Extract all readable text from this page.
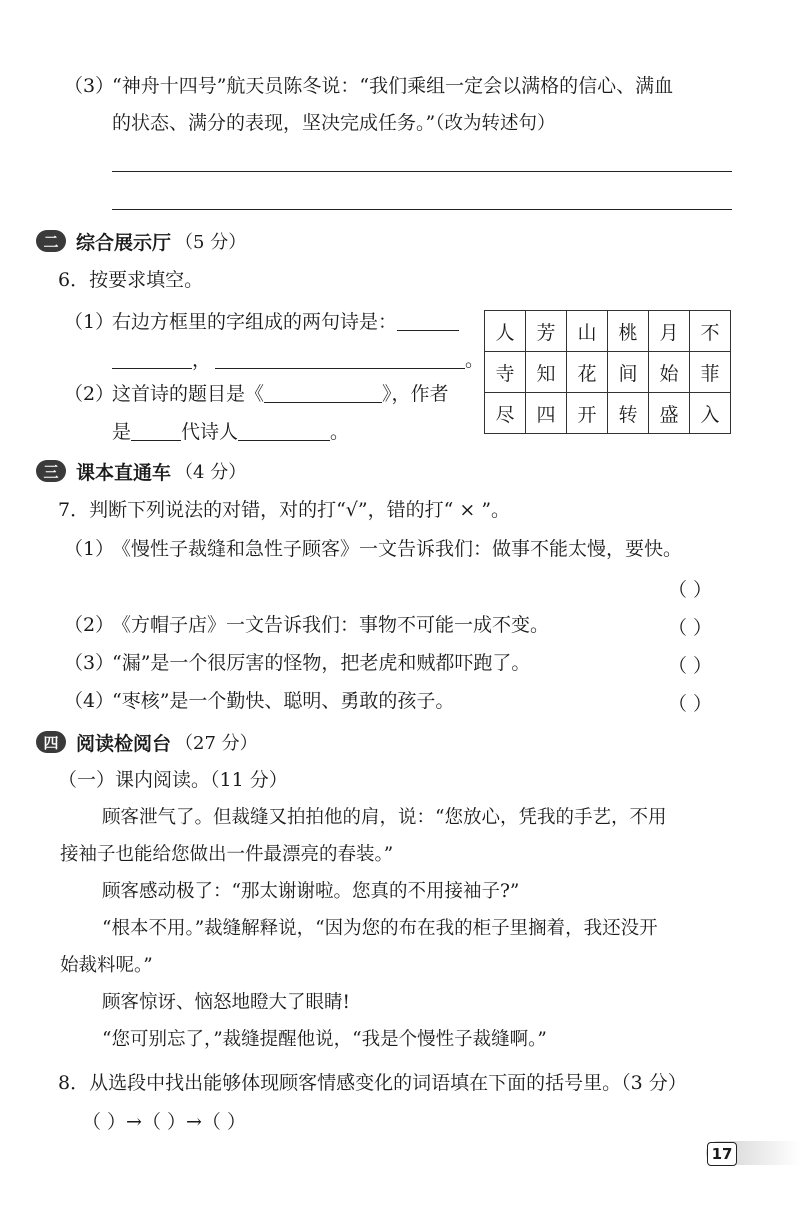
（3）
“神舟十四号”航天员陈冬说：“我们乘组一定会以满格的信心、满血
的状态、满分的表现，坚决完成任务。”（改为转述句）
二 综合展示厅 （5 分）
6．按要求填空。
（1）
右边方框里的字组成的两句诗是：
，	。
（2）
这首诗的题目是《	》，作者
是	代诗人	。
人	芳	山	桃	月	不
寺	知	花	间	始	菲
尽	四	开	转	盛	入
三 课本直通车 （4 分）
7．判断下列说法的对错，对的打“√”，错的打“ × ”。
（1）
《慢性子裁缝和急性子顾客》一文告诉我们：做事不能太慢，要快。
（ ）
（2）
《方帽子店》一文告诉我们：事物不可能一成不变。	（ ）
（3）
“漏”是一个很厉害的怪物，把老虎和贼都吓跑了。	（ ）
（4）
“枣核”是一个勤快、聪明、勇敢的孩子。	（ ）
四 阅读检阅台 （27 分）
（一）课内阅读。（11 分）
顾客泄气了。但裁缝又拍拍他的肩，说：“您放心，凭我的手艺，不用
接袖子也能给您做出一件最漂亮的春装。”
顾客感动极了：“那太谢谢啦。您真的不用接袖子?”
“根本不用。”裁缝解释说，“因为您的布在我的柜子里搁着，我还没开
始裁料呢。”
顾客惊讶、恼怒地瞪大了眼睛!
“您可别忘了，”裁缝提醒他说，“我是个慢性子裁缝啊。”
8．从选段中找出能够体现顾客情感变化的词语填在下面的括号里。（3 分）
（ ）→（ ）→（ ）
17
